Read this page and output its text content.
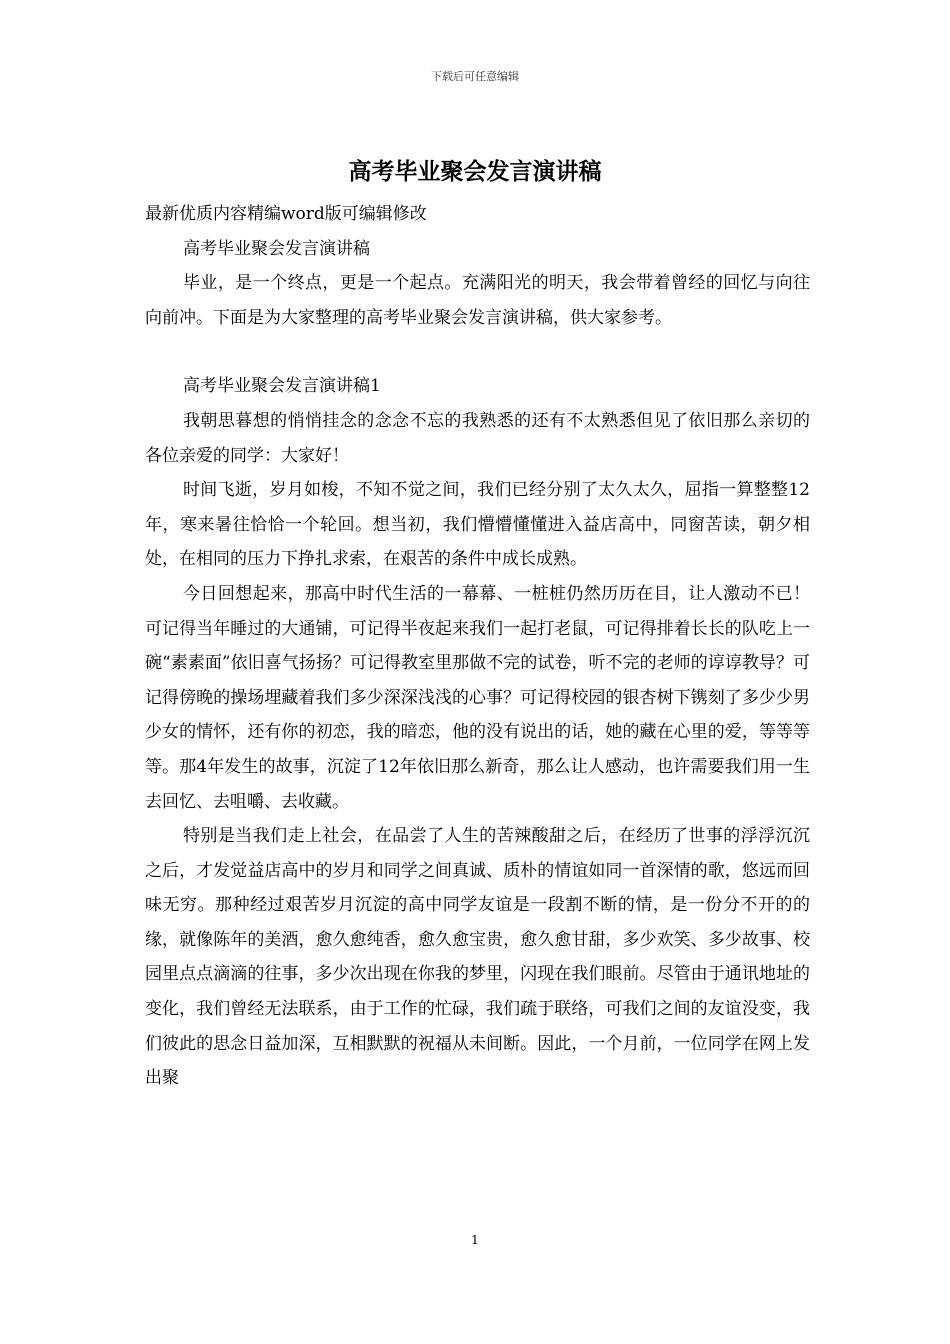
下载后可任意编辑
高考毕业聚会发言演讲稿

最新优质内容精编word版可编辑修改

高考毕业聚会发言演讲稿

毕业，是一个终点，更是一个起点。充满阳光的明天，我会带着曾经的回忆与向往向前冲。下面是为大家整理的高考毕业聚会发言演讲稿，供大家参考。

高考毕业聚会发言演讲稿1

我朝思暮想的悄悄挂念的念念不忘的我熟悉的还有不太熟悉但见了依旧那么亲切的各位亲爱的同学：大家好！

时间飞逝，岁月如梭，不知不觉之间，我们已经分别了太久太久，屈指一算整整12年，寒来暑往恰恰一个轮回。想当初，我们懵懵懂懂进入益店高中，同窗苦读，朝夕相处，在相同的压力下挣扎求索，在艰苦的条件中成长成熟。

今日回想起来，那高中时代生活的一幕幕、一桩桩仍然历历在目，让人激动不已！可记得当年睡过的大通铺，可记得半夜起来我们一起打老鼠，可记得排着长长的队吃上一碗“素素面”依旧喜气扬扬？可记得教室里那做不完的试卷，听不完的老师的谆谆教导？可记得傍晚的操场埋藏着我们多少深深浅浅的心事？可记得校园的银杏树下镌刻了多少少男少女的情怀，还有你的初恋，我的暗恋，他的没有说出的话，她的藏在心里的爱，等等等等。那4年发生的故事，沉淀了12年依旧那么新奇，那么让人感动，也许需要我们用一生去回忆、去咀嚼、去收藏。

特别是当我们走上社会，在品尝了人生的苦辣酸甜之后，在经历了世事的浮浮沉沉之后，才发觉益店高中的岁月和同学之间真诚、质朴的情谊如同一首深情的歌，悠远而回味无穷。那种经过艰苦岁月沉淀的高中同学友谊是一段割不断的情，是一份分不开的的缘，就像陈年的美酒，愈久愈纯香，愈久愈宝贵，愈久愈甘甜，多少欢笑、多少故事、校园里点点滴滴的往事，多少次出现在你我的梦里，闪现在我们眼前。尽管由于通讯地址的变化，我们曾经无法联系，由于工作的忙碌，我们疏于联络，可我们之间的友谊没变，我们彼此的思念日益加深，互相默默的祝福从未间断。因此，一个月前，一位同学在网上发出聚

1
